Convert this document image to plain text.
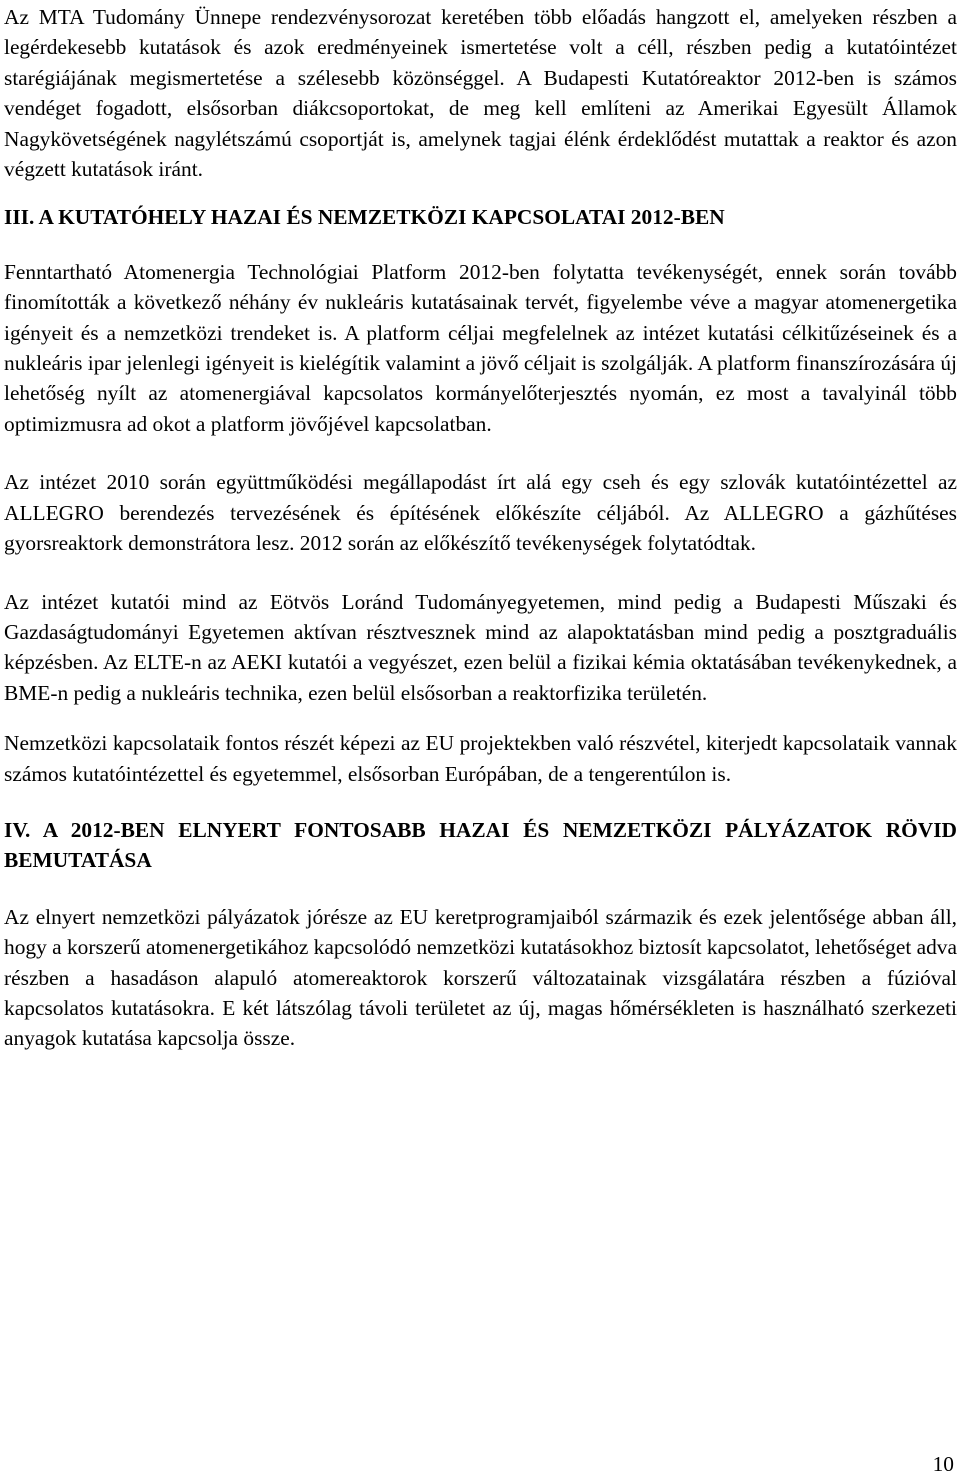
Az MTA Tudomány Ünnepe rendezvénysorozat keretében több előadás hangzott el, amelyeken részben a legérdekesebb kutatások és azok eredményeinek ismertetése volt a céll, részben pedig a kutatóintézet starégiájának megismertetése a szélesebb közönséggel. A Budapesti Kutatóreaktor 2012-ben is számos vendéget fogadott, elsősorban diákcsoportokat, de meg kell említeni az Amerikai Egyesült Államok Nagykövetségének nagylétszámú csoportját is, amelynek tagjai élénk érdeklődést mutattak a reaktor és azon végzett kutatások iránt.

III. A KUTATÓHELY HAZAI ÉS NEMZETKÖZI KAPCSOLATAI 2012-BEN

Fenntartható Atomenergia Technológiai Platform 2012-ben folytatta tevékenységét, ennek során tovább finomították a következő néhány év nukleáris kutatásainak tervét, figyelembe véve a magyar atomenergetika igényeit és a nemzetközi trendeket is. A platform céljai megfelelnek az intézet kutatási célkitűzéseinek és a nukleáris ipar jelenlegi igényeit is kielégítik valamint a jövő céljait is szolgálják. A platform finanszírozására új lehetőség nyílt az atomenergiával kapcsolatos kormányelőterjesztés nyomán, ez most a tavalyinál több optimizmusra ad okot a platform jövőjével kapcsolatban.

Az intézet 2010 során együttműködési megállapodást írt alá egy cseh és egy szlovák kutatóintézettel az ALLEGRO berendezés tervezésének és építésének előkészíte céljából. Az ALLEGRO a gázhűtéses gyorsreaktork demonstrátora lesz. 2012 során az előkészítő tevékenységek folytatódtak.

Az intézet kutatói mind az Eötvös Loránd Tudományegyetemen, mind pedig a Budapesti Műszaki és Gazdaságtudományi Egyetemen aktívan résztvesznek mind az alapoktatásban mind pedig a posztgraduális képzésben. Az ELTE-n az AEKI kutatói a vegyészet, ezen belül a fizikai kémia oktatásában tevékenykednek, a BME-n pedig a nukleáris technika, ezen belül elsősorban a reaktorfizika területén.

Nemzetközi kapcsolataik fontos részét képezi az EU projektekben való részvétel, kiterjedt kapcsolataik vannak számos kutatóintézettel és egyetemmel, elsősorban Európában, de a tengerentúlon is.

IV. A 2012-BEN ELNYERT FONTOSABB HAZAI ÉS NEMZETKÖZI PÁLYÁZATOK RÖVID BEMUTATÁSA

Az elnyert nemzetközi pályázatok jórésze az EU keretprogramjaiból származik és ezek jelentősége abban áll, hogy a korszerű atomenergetikához kapcsolódó nemzetközi kutatásokhoz biztosít kapcsolatot, lehetőséget adva részben a hasadáson alapuló atomereaktorok korszerű változatainak vizsgálatára részben a fúzióval kapcsolatos kutatásokra. E két látszólag távoli területet az új, magas hőmérsékleten is használható szerkezeti anyagok kutatása kapcsolja össze.

10
